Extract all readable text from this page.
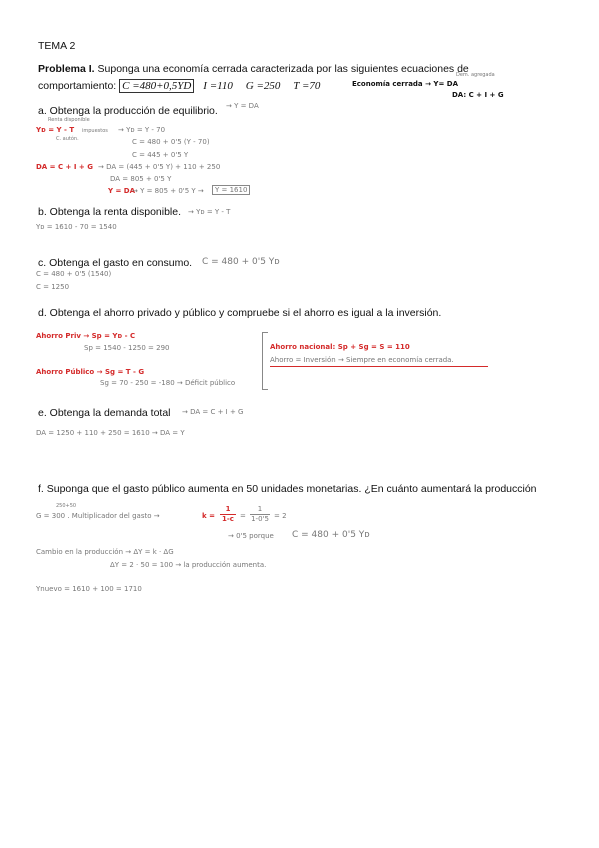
TEMA 2
Problema I. Suponga una economía cerrada caracterizada por las siguientes ecuaciones de
comportamiento: C =480+0,5YD I =110 G =250 T =70
Dem. agregada
Economía cerrada → Y= DA
DA: C + I + G
a. Obtenga la producción de equilibrio. → Y = DA
Renta disponible
Yᴅ = Y - T impuestos
C. autón.
→ Yᴅ = Y - 70
C = 480 + 0'5 (Y - 70)
C = 445 + 0'5 Y
DA = C + I + G → DA = (445 + 0'5 Y) + 110 + 250
DA = 805 + 0'5 Y
Y = DA
→ Y = 805 + 0'5 Y →	Y = 1610
b. Obtenga la renta disponible. → Yᴅ = Y - T
Yᴅ = 1610 - 70 = 1540
c. Obtenga el gasto en consumo. C = 480 + 0'5 Yᴅ
C = 480 + 0'5 (1540)
C = 1250
d. Obtenga el ahorro privado y público y compruebe si el ahorro es igual a la inversión.
Ahorro Priv → Sp = Yᴅ - C
Sp = 1540 - 1250 = 290
Ahorro Público → Sg = T - G
Sg = 70 - 250 = -180 → Déficit público
Ahorro nacional: Sp + Sg = S = 110
Ahorro = Inversión → Siempre en economía cerrada.
e. Obtenga la demanda total → DA = C + I + G
DA = 1250 + 110 + 250 = 1610 → DA = Y
f. Suponga que el gasto público aumenta en 50 unidades monetarias. ¿En cuánto aumentará la producción
250+50
G = 300 . Multiplicador del gasto →	$k = \frac{1}{1-c} = \frac{1}{1-0'5} = 2$
→ 0'5 porque C = 480 + 0'5 Yᴅ
Cambio en la producción → ΔY = k · ΔG
ΔY = 2 · 50 = 100 → la producción aumenta.
Ynuevo = 1610 + 100 = 1710
